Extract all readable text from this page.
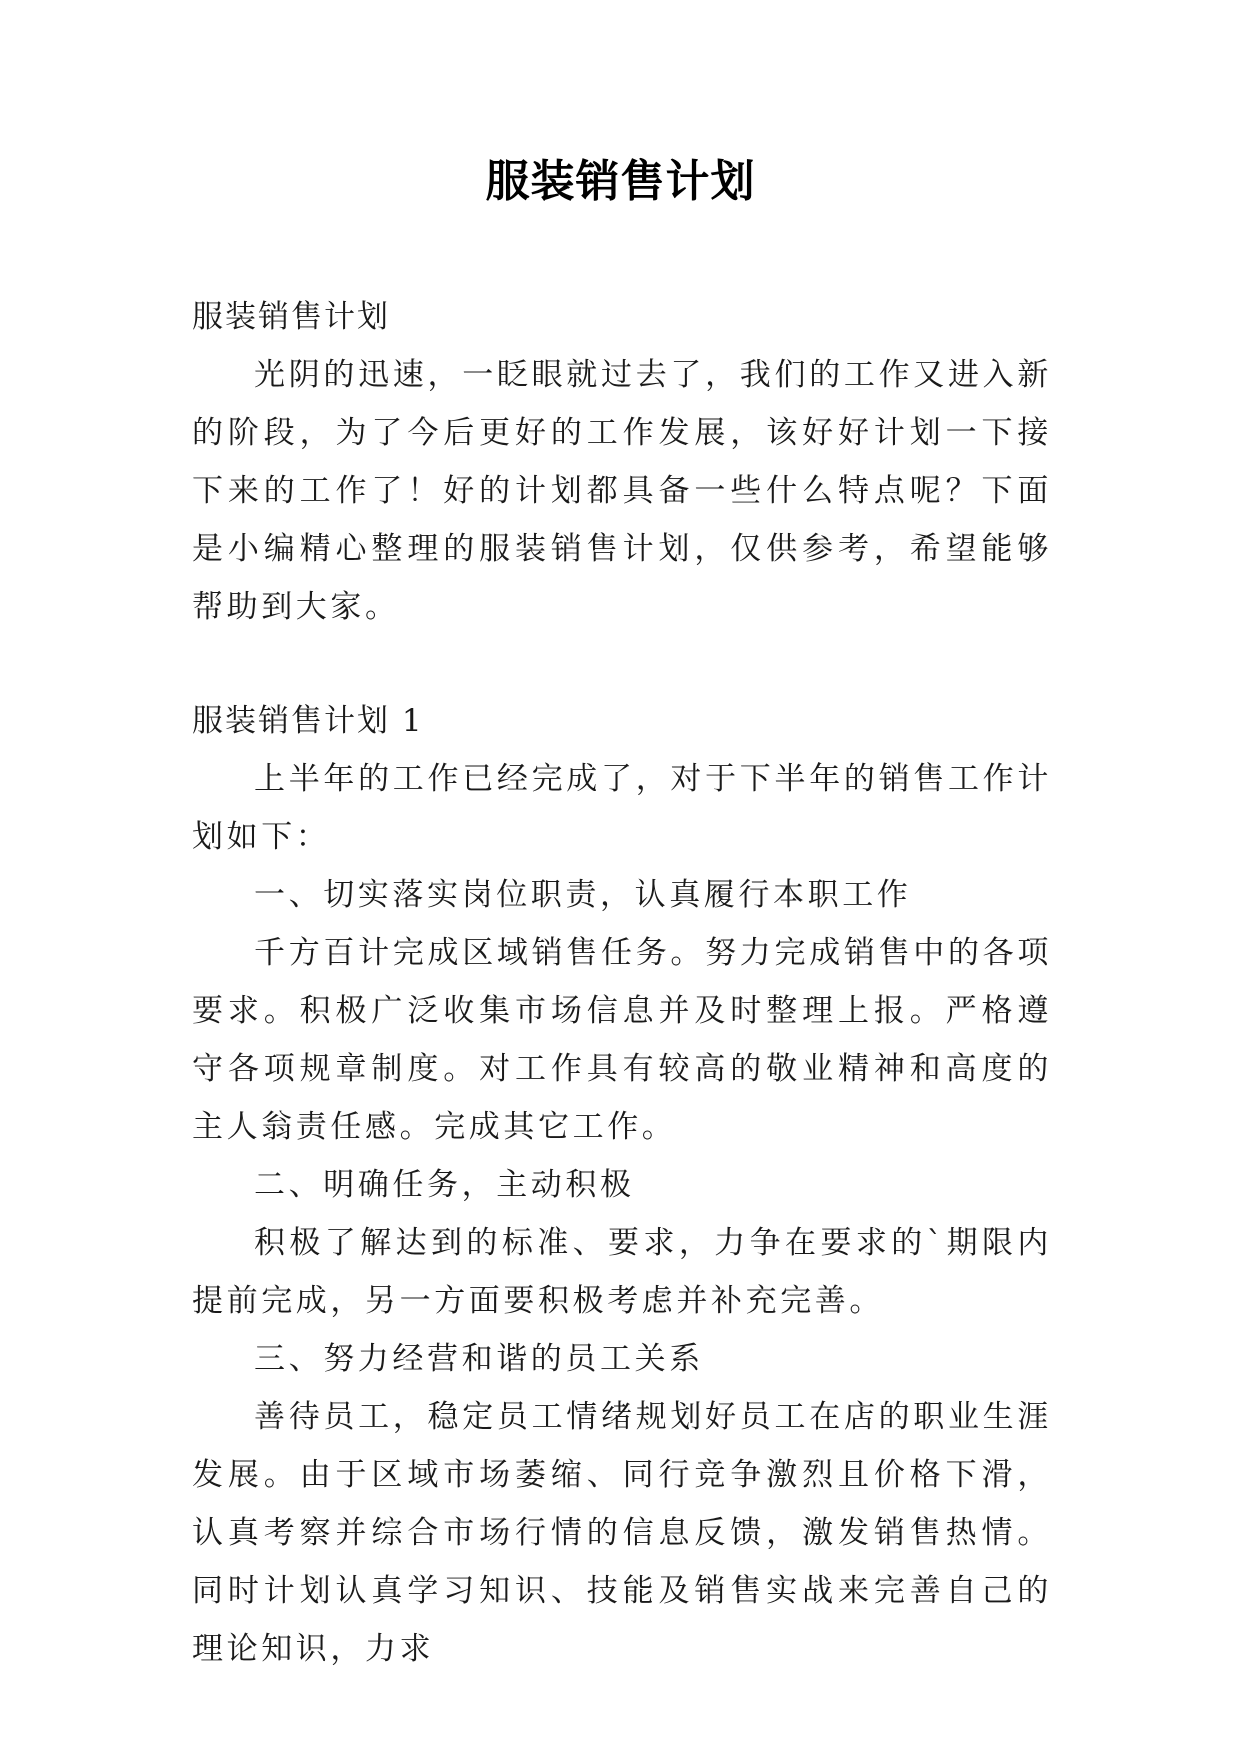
服装销售计划

服装销售计划

光阴的迅速，一眨眼就过去了，我们的工作又进入新的阶段，为了今后更好的工作发展，该好好计划一下接下来的工作了！好的计划都具备一些什么特点呢？下面是小编精心整理的服装销售计划，仅供参考，希望能够帮助到大家。

服装销售计划 1

上半年的工作已经完成了，对于下半年的销售工作计划如下：

一、切实落实岗位职责，认真履行本职工作

千方百计完成区域销售任务。努力完成销售中的各项要求。积极广泛收集市场信息并及时整理上报。严格遵守各项规章制度。对工作具有较高的敬业精神和高度的主人翁责任感。完成其它工作。

二、明确任务，主动积极

积极了解达到的标准、要求，力争在要求的`期限内提前完成，另一方面要积极考虑并补充完善。

三、努力经营和谐的员工关系

善待员工，稳定员工情绪规划好员工在店的职业生涯发展。由于区域市场萎缩、同行竞争激烈且价格下滑，认真考察并综合市场行情的信息反馈，激发销售热情。同时计划认真学习知识、技能及销售实战来完善自己的理论知识，力求
